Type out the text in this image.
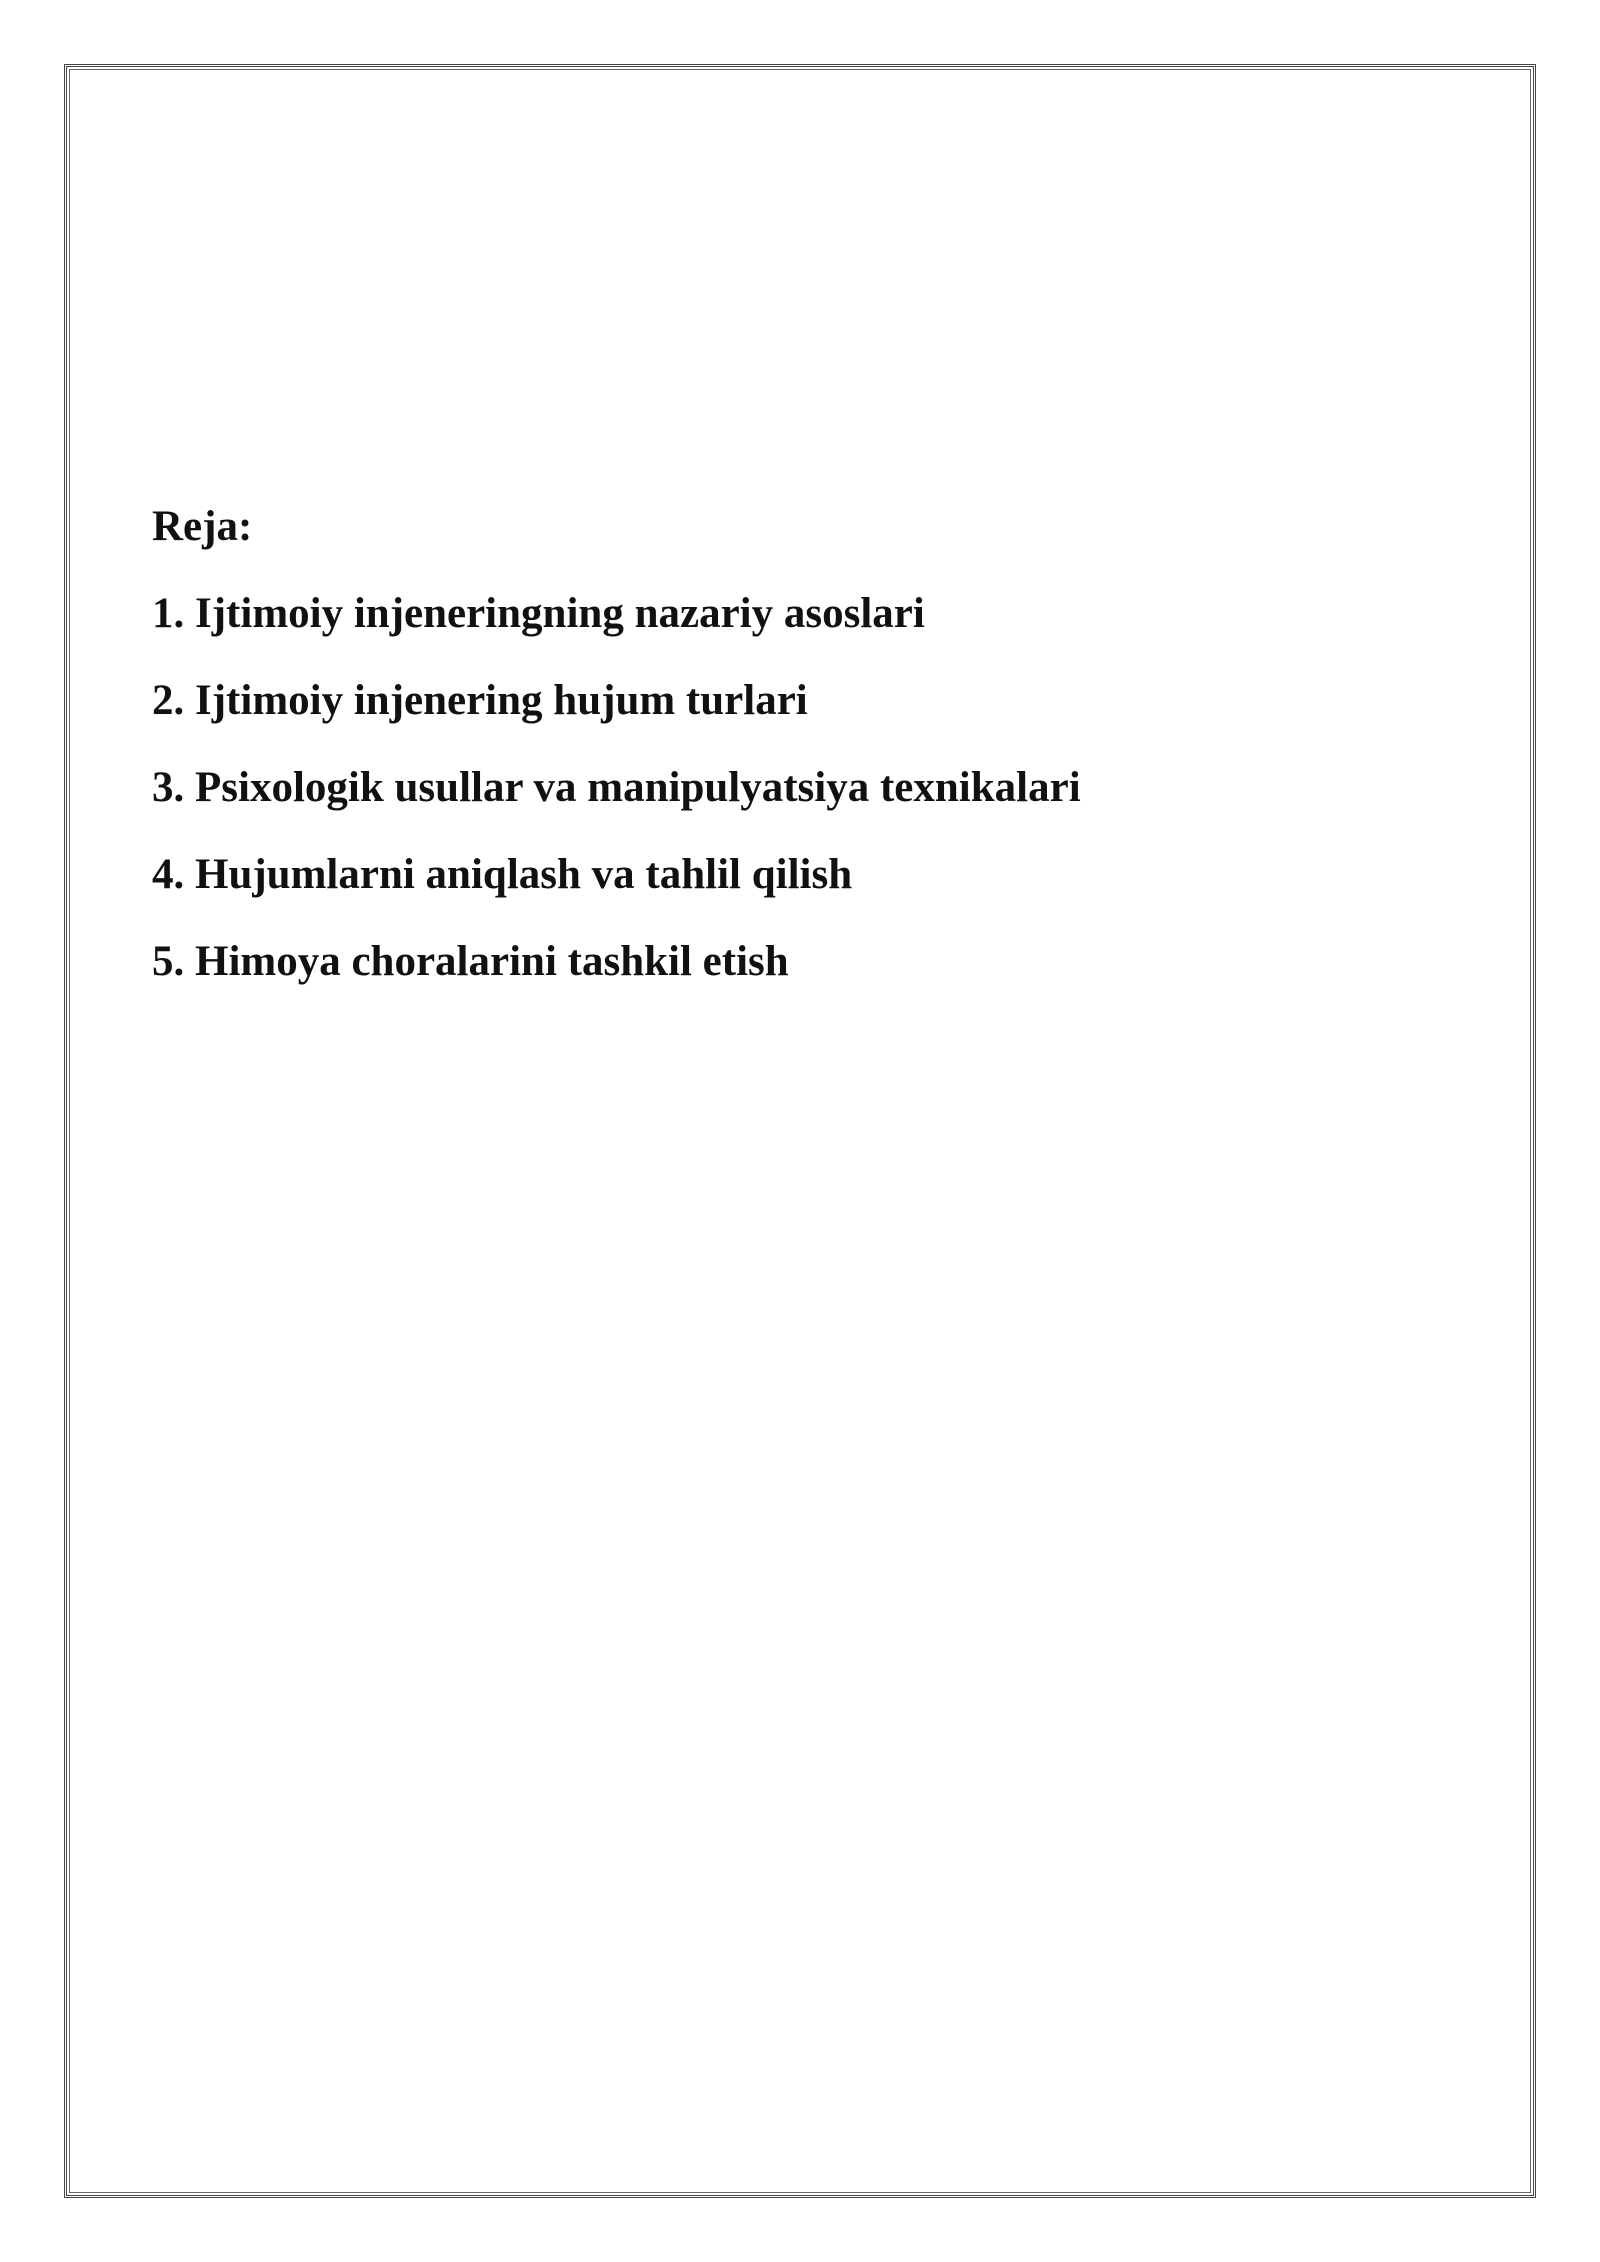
Reja:
1. Ijtimoiy injeneringning nazariy asoslari
2. Ijtimoiy injenering hujum turlari
3. Psixologik usullar va manipulyatsiya texnikalari
4. Hujumlarni aniqlash va tahlil qilish
5. Himoya choralarini tashkil etish
